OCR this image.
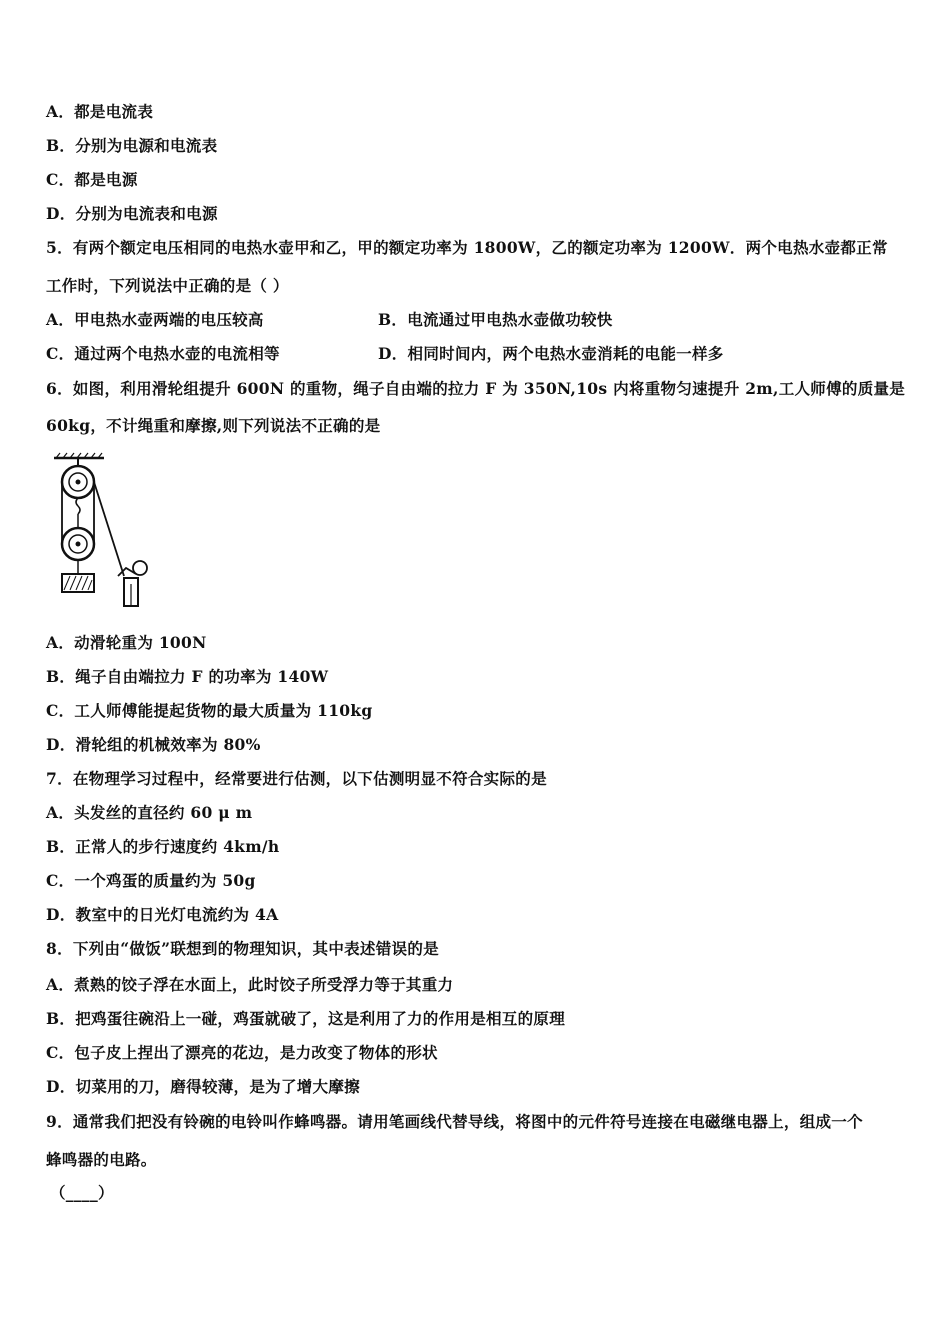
A．都是电流表
B．分别为电源和电流表
C．都是电源
D．分别为电流表和电源
5．有两个额定电压相同的电热水壶甲和乙，甲的额定功率为 1800W，乙的额定功率为 1200W．两个电热水壶都正常
工作时，下列说法中正确的是（ ）
A．甲电热水壶两端的电压较高	B．电流通过甲电热水壶做功较快
C．通过两个电热水壶的电流相等	D．相同时间内，两个电热水壶消耗的电能一样多
6．如图，利用滑轮组提升 600N 的重物，绳子自由端的拉力 F 为 350N,10s 内将重物匀速提升 2m,工人师傅的质量是
60kg，不计绳重和摩擦,则下列说法不正确的是
A．动滑轮重为 100N
B．绳子自由端拉力 F 的功率为 140W
C．工人师傅能提起货物的最大质量为 110kg
D．滑轮组的机械效率为 80%
7．在物理学习过程中，经常要进行估测，以下估测明显不符合实际的是
A．头发丝的直径约 60 μ m
B．正常人的步行速度约 4km/h
C．一个鸡蛋的质量约为 50g
D．教室中的日光灯电流约为 4A
8．下列由“做饭”联想到的物理知识，其中表述错误的是
A．煮熟的饺子浮在水面上，此时饺子所受浮力等于其重力
B．把鸡蛋往碗沿上一碰，鸡蛋就破了，这是利用了力的作用是相互的原理
C．包子皮上捏出了漂亮的花边，是力改变了物体的形状
D．切菜用的刀，磨得较薄，是为了增大摩擦
9．通常我们把没有铃碗的电铃叫作蜂鸣器。请用笔画线代替导线，将图中的元件符号连接在电磁继电器上，组成一个
蜂鸣器的电路。
（____）
